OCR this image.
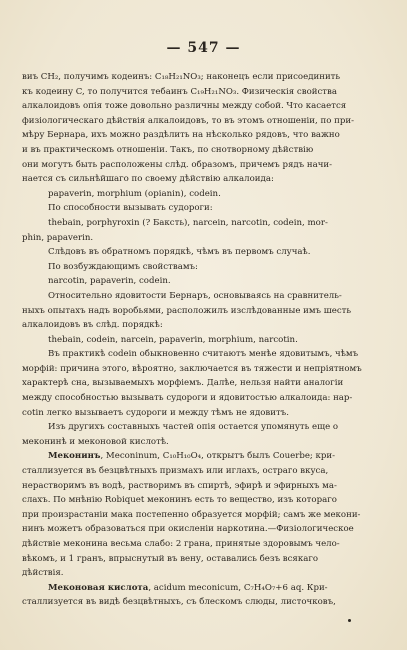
— 547 —
виъ CH₂, получимъ кодеинъ: C₁₈H₂₁NO₃; наконецъ если присоединить
къ кодеину C, то получится тебаинъ C₁₉H₂₁NO₃. Физическія свойства
алкалоидовъ опія тоже довольно различны между собой. Что касается
физіологическаго дѣйствія алкалоидовъ, то въ этомъ отношеніи, по при-
мѣру Бернара, ихъ можно раздѣлить на нѣсколько рядовъ, что важно
и въ практическомъ отношеніи. Такъ, по снотворному дѣйствію
они могутъ быть расположены слѣд. образомъ, причемъ рядъ начи-
нается съ сильнѣйшаго по своему дѣйствію алкалоида:
papaverin, morphium (opianin), codein.
По способности вызывать судороги:
thebain, porphyroxin (? Баксть), narcein, narcotin, codein, mor-
phin, papaverin.
Слѣдовъ въ обратномъ порядкѣ, чѣмъ въ первомъ случаѣ.
По возбуждающимъ свойствамъ:
narcotin, papaverin, codein.
Относительно ядовитости Бернаръ, основываясь на сравнитель-
ныхъ опытахъ надъ воробьями, расположилъ изслѣдованные имъ шесть
алкалоидовъ въ слѣд. порядкѣ:
thebain, codein, narcein, papaverin, morphium, narcotin.
Въ практикѣ codein обыкновенно считаютъ менѣе ядовитымъ, чѣмъ
морфій: причина этого, вѣроятно, заключается въ тяжести и непріятномъ
характерѣ сна, вызываемыхъ морфіемъ. Далѣе, нельзя найти аналогіи
между способностью вызывать судороги и ядовитостью алкалоида: нар-
cotin легко вызываетъ судороги и между тѣмъ не ядовитъ.
Изъ другихъ составныхъ частей опія остается упомянуть еще о
меконинѣ и меконовой кислотѣ.
Меконинъ, Meconinum, C₁₀H₁₀O₄, открытъ былъ Couerbe; кри-
сталлизуется въ безцвѣтныхъ призмахъ или иглахъ, остраго вкуса,
нерастворимъ въ водѣ, растворимъ въ спиртѣ, эфирѣ и эфирныхъ ма-
слахъ. По мнѣнію Robiquet меконинъ есть то вещество, изъ котораго
при произрастаніи мака постепенно образуется морфій; самъ же мекони-
нинъ можетъ образоваться при окисленіи наркотина.—Физіологическое
дѣйствіе меконина весьма слабо: 2 грана, принятые здоровымъ чело-
вѣкомъ, и 1 гранъ, впрыснутый въ вену, оставались безъ всякаго
дѣйствія.
Меконовая кислота, acidum meconicum, C₇H₄O₇+6 aq. Кри-
сталлизуется въ видѣ безцвѣтныхъ, съ блескомъ слюды, листочковъ,
